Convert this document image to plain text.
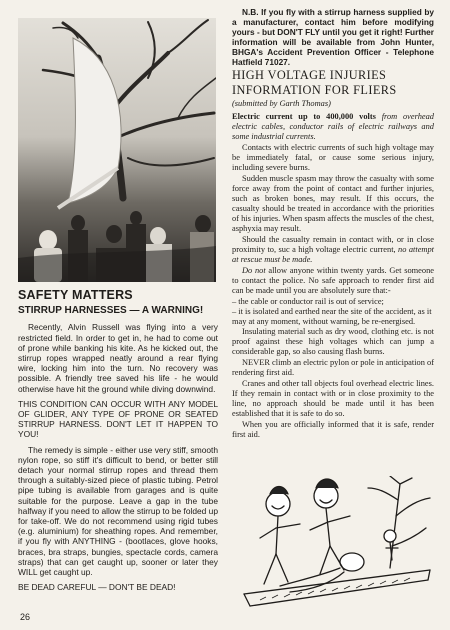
SAFETY MATTERS
STIRRUP HARNESSES — A WARNING!

Recently, Alvin Russell was flying into a very restricted field. In order to get in, he had to come out of prone while banking his kite. As he kicked out, the stirrup ropes wrapped neatly around a rear flying wire, locking him into the turn. No recovery was possible. A friendly tree saved his life - he would otherwise have hit the ground while diving downwind.

THIS CONDITION CAN OCCUR WITH ANY MODEL OF GLIDER, ANY TYPE OF PRONE OR SEATED STIRRUP HARNESS. DON'T LET IT HAPPEN TO YOU!

The remedy is simple - either use very stiff, smooth nylon rope, so stiff it's difficult to bend, or better still detach your normal stirrup ropes and thread them through a suitably-sized piece of plastic tubing. Petrol pipe tubing is available from garages and is quite suitable for the purpose. Leave a gap in the tube halfway if you need to allow the stirrup to be folded up for take-off. We do not recommend using rigid tubes (e.g. aluminium) for sheathing ropes. And remember, if you fly with ANYTHING - (bootlaces, glove hooks, braces, bra straps, bungies, spectacle cords, camera straps) that can get caught up, sooner or later they WILL get caught up.

BE DEAD CAREFUL — DON'T BE DEAD!

N.B. If you fly with a stirrup harness supplied by a manufacturer, contact him before modifying yours - but DON'T FLY until you get it right! Further information will be available from John Hunter, BHGA's Accident Prevention Officer - Telephone Hatfield 71027.

HIGH VOLTAGE INJURIES INFORMATION FOR FLIERS
(submitted by Garth Thomas)

Electric current up to 400,000 volts from overhead electric cables, conductor rails of electric railways and some industrial currents.

Contacts with electric currents of such high voltage may be immediately fatal, or cause some serious injury, including severe burns.

Sudden muscle spasm may throw the casualty with some force away from the point of contact and further injuries, such as broken bones, may result. If this occurs, the casualty should be treated in accordance with the priorities of his injuries. When spasm affects the muscles of the chest, asphyxia may result.

Should the casualty remain in contact with, or in close proximity to, suc a high voltage electric current, no attempt at rescue must be made.

Do not allow anyone within twenty yards. Get someone to contact the police. No safe approach to render first aid can be made until you are absolutely sure that:-

– the cable or conductor rail is out of service;
– it is isolated and earthed near the site of the accident, as it may at any moment, without warning, be re-energised.

Insulating material such as dry wood, clothing etc. is not proof against these high voltages which can jump a considerable gap, so also causing flash burns.

NEVER climb an electric pylon or pole in anticipation of rendering first aid.

Cranes and other tall objects foul overhead electric lines. If they remain in contact with or in close proximity to the line, no approach should be made until it has been established that it is safe to do so.

When you are officially informed that it is safe, render first aid.

26
